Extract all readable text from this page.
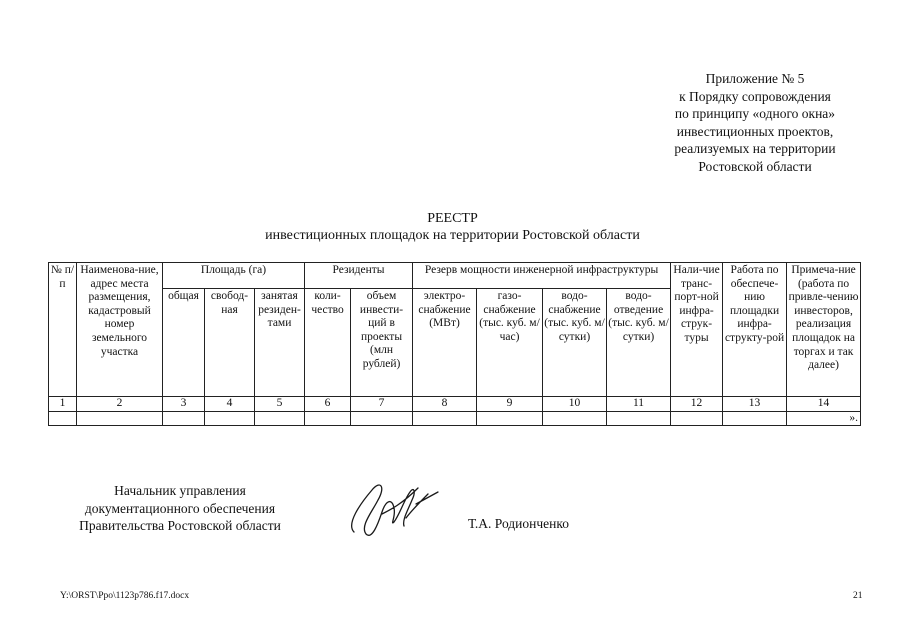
Приложение № 5
к Порядку сопровождения
по принципу «одного окна»
инвестиционных проектов,
реализуемых на территории
Ростовской области
РЕЕСТР
инвестиционных площадок на территории Ростовской области
№ п/п	Наименова-ние, адрес места размещения, кадастровый номер земельного участка	Площадь (га)			Резиденты		Резерв мощности инженерной инфраструктуры				Нали-чие транс-порт-ной инфра-струк-туры	Работа по обеспече-нию площадки инфра-структу-рой	Примеча-ние (работа по привле-чению инвесторов, реализация площадок на торгах и так далее)
		общая	свобод-ная	занятая резиден-тами	коли-чество	объем инвести-ций в проекты (млн рублей)	электро-снабжение (МВт)	газо-снабжение (тыс. куб. м/час)	водо-снабжение (тыс. куб. м/сутки)	водо-отведение (тыс. куб. м/сутки)			
1	2	3	4	5	6	7	8	9	10	11	12	13	14
													».
Начальник управления
документационного обеспечения
Правительства Ростовской области	Т.А. Родионченко
Y:\ORST\Ppo\1123p786.f17.docx	21
